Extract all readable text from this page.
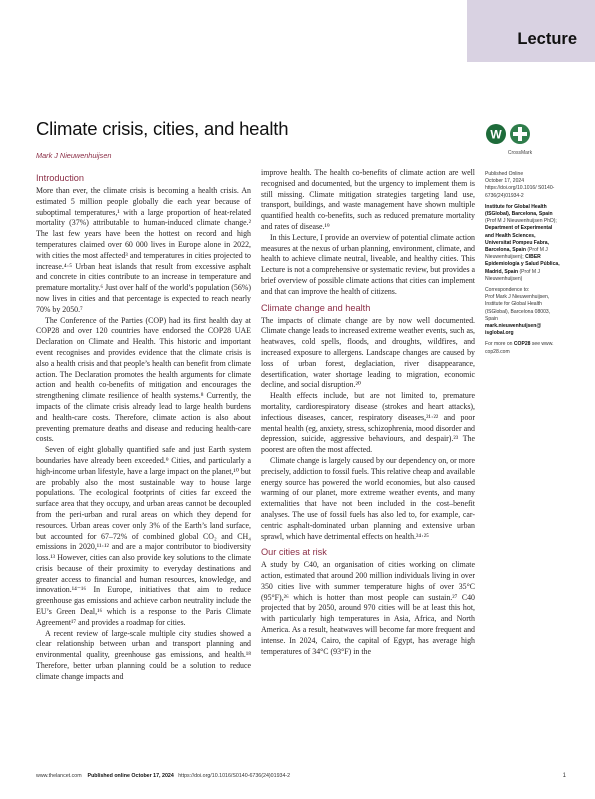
Lecture
Climate crisis, cities, and health
Mark J Nieuwenhuijsen
W
CrossMark
Introduction

More than ever, the climate crisis is becoming a health crisis. An estimated 5 million people globally die each year because of suboptimal temperatures,¹ with a large proportion of heat-related mortality (37%) attributable to human-induced climate change.² The last few years have been the hottest on record and high temperatures claimed over 60 000 lives in Europe alone in 2022, with cities the most affected³ and temperatures in cities projected to increase.⁴·⁵ Urban heat islands that result from excessive asphalt and concrete in cities contribute to an increase in temperature and premature mortality.⁶ Just over half of the world’s population (56%) now lives in cities and that percentage is expected to reach nearly 70% by 2050.⁷

The Conference of the Parties (COP) had its first health day at COP28 and over 120 countries have endorsed the COP28 UAE Declaration on Climate and Health. This historic and important event recognises and provides evidence that the climate crisis is also a health crisis and that people’s health can benefit from climate action. The Declaration promotes the health arguments for climate action and health co-benefits of mitigation and encourages the strengthening climate resilience of health systems.⁸ Currently, the impacts of the climate crisis already lead to large health burdens and health-care costs. Therefore, climate action is also about preventing premature deaths and disease and reducing health-care costs.

Seven of eight globally quantified safe and just Earth system boundaries have already been exceeded.⁹ Cities, and particularly a high-income urban lifestyle, have a large impact on the planet,¹⁰ but are probably also the most sustainable way to house large populations. The ecological footprints of cities far exceed the surface area that they occupy, and urban areas cannot be decoupled from the peri-urban and rural areas on which they depend for resources. Urban areas cover only 3% of the Earth’s land surface, but accounted for 67–72% of combined global CO₂ and CH₄ emissions in 2020,¹¹·¹² and are a major contributor to biodiversity loss.¹³ However, cities can also provide key solutions to the climate crisis because of their proximity to everyday destinations and greater access to financial and human resources, knowledge, and innovation.¹⁴⁻¹⁶ In Europe, initiatives that aim to reduce greenhouse gas emissions and achieve carbon neutrality include the EU’s Green Deal,¹⁶ which is a response to the Paris Climate Agreement¹⁷ and provides a roadmap for cities.

A recent review of large-scale multiple city studies showed a clear relationship between urban and transport planning and environmental quality, greenhouse gas emissions, and health.¹⁸ Therefore, better urban planning could be a solution to reduce climate change impacts and

improve health. The health co-benefits of climate action are well recognised and documented, but the urgency to implement them is still missing. Climate mitigation strategies targeting land use, transport, buildings, and waste management have shown multiple quantified health co-benefits, such as reduced premature mortality and rates of disease.¹⁹

In this Lecture, I provide an overview of potential climate action measures at the nexus of urban planning, environment, climate, and health to achieve climate neutral, liveable, and healthy cities. This Lecture is not a comprehensive or systematic review, but provides a brief overview of possible climate actions that cities can implement and that can improve the health of citizens.

Climate change and health

The impacts of climate change are by now well documented. Climate change leads to increased extreme weather events, such as, heatwaves, cold spells, floods, and droughts, wildfires, and increased exposure to allergens. Landscape changes are caused by loss of urban forest, deglaciation, river disappearance, desertification, water shortage leading to migration, economic decline, and social disruption.²⁰

Health effects include, but are not limited to, premature mortality, cardiorespiratory disease (strokes and heart attacks), infectious diseases, cancer, respiratory diseases,²¹·²² and poor mental health (eg, anxiety, stress, schizophrenia, mood disorder and depression, suicide, aggressive behaviours, and despair).²³ The poorest are often the most affected.

Climate change is largely caused by our dependency on, or more precisely, addiction to fossil fuels. This relative cheap and available energy source has powered the world economies, but also caused warming of our planet, more extreme weather events, and many externalities that have not been included in the cost–benefit analyses. The use of fossil fuels has also led to, for example, car-centric asphalt-dominated urban planning and extensive urban sprawl, which have detrimental effects on health.²⁴·²⁵

Our cities at risk

A study by C40, an organisation of cities working on climate action, estimated that around 200 million individuals living in over 350 cities live with summer temperature highs of over 35°C (95°F),²⁶ which is hotter than most people can sustain.²⁷ C40 projected that by 2050, around 970 cities will be at least this hot, with particularly high temperatures in Asia, Africa, and North America. As a result, heatwaves will become far more frequent and intense. In 2024, Cairo, the capital of Egypt, has average high temperatures of 34°C (93°F) in the

Published Online
October 17, 2024
https://doi.org/10.1016/ S0140-6736(24)01934-2

Institute for Global Health (ISGlobal), Barcelona, Spain (Prof M J Nieuwenhuijsen PhD); Department of Experimental and Health Sciences, Universitat Pompeu Fabra, Barcelona, Spain (Prof M J Nieuwenhuijsen); CIBER Epidemiología y Salud Pública, Madrid, Spain (Prof M J Nieuwenhuijsen)

Correspondence to:
Prof Mark J Nieuwenhuijsen, Institute for Global Health (ISGlobal), Barcelona 08003, Spain
mark.nieuwenhuijsen@ isglobal.org

For more on COP28 see www. cop28.com

www.thelancet.com Published online October 17, 2024 https://doi.org/10.1016/S0140-6736(24)01934-2	1
